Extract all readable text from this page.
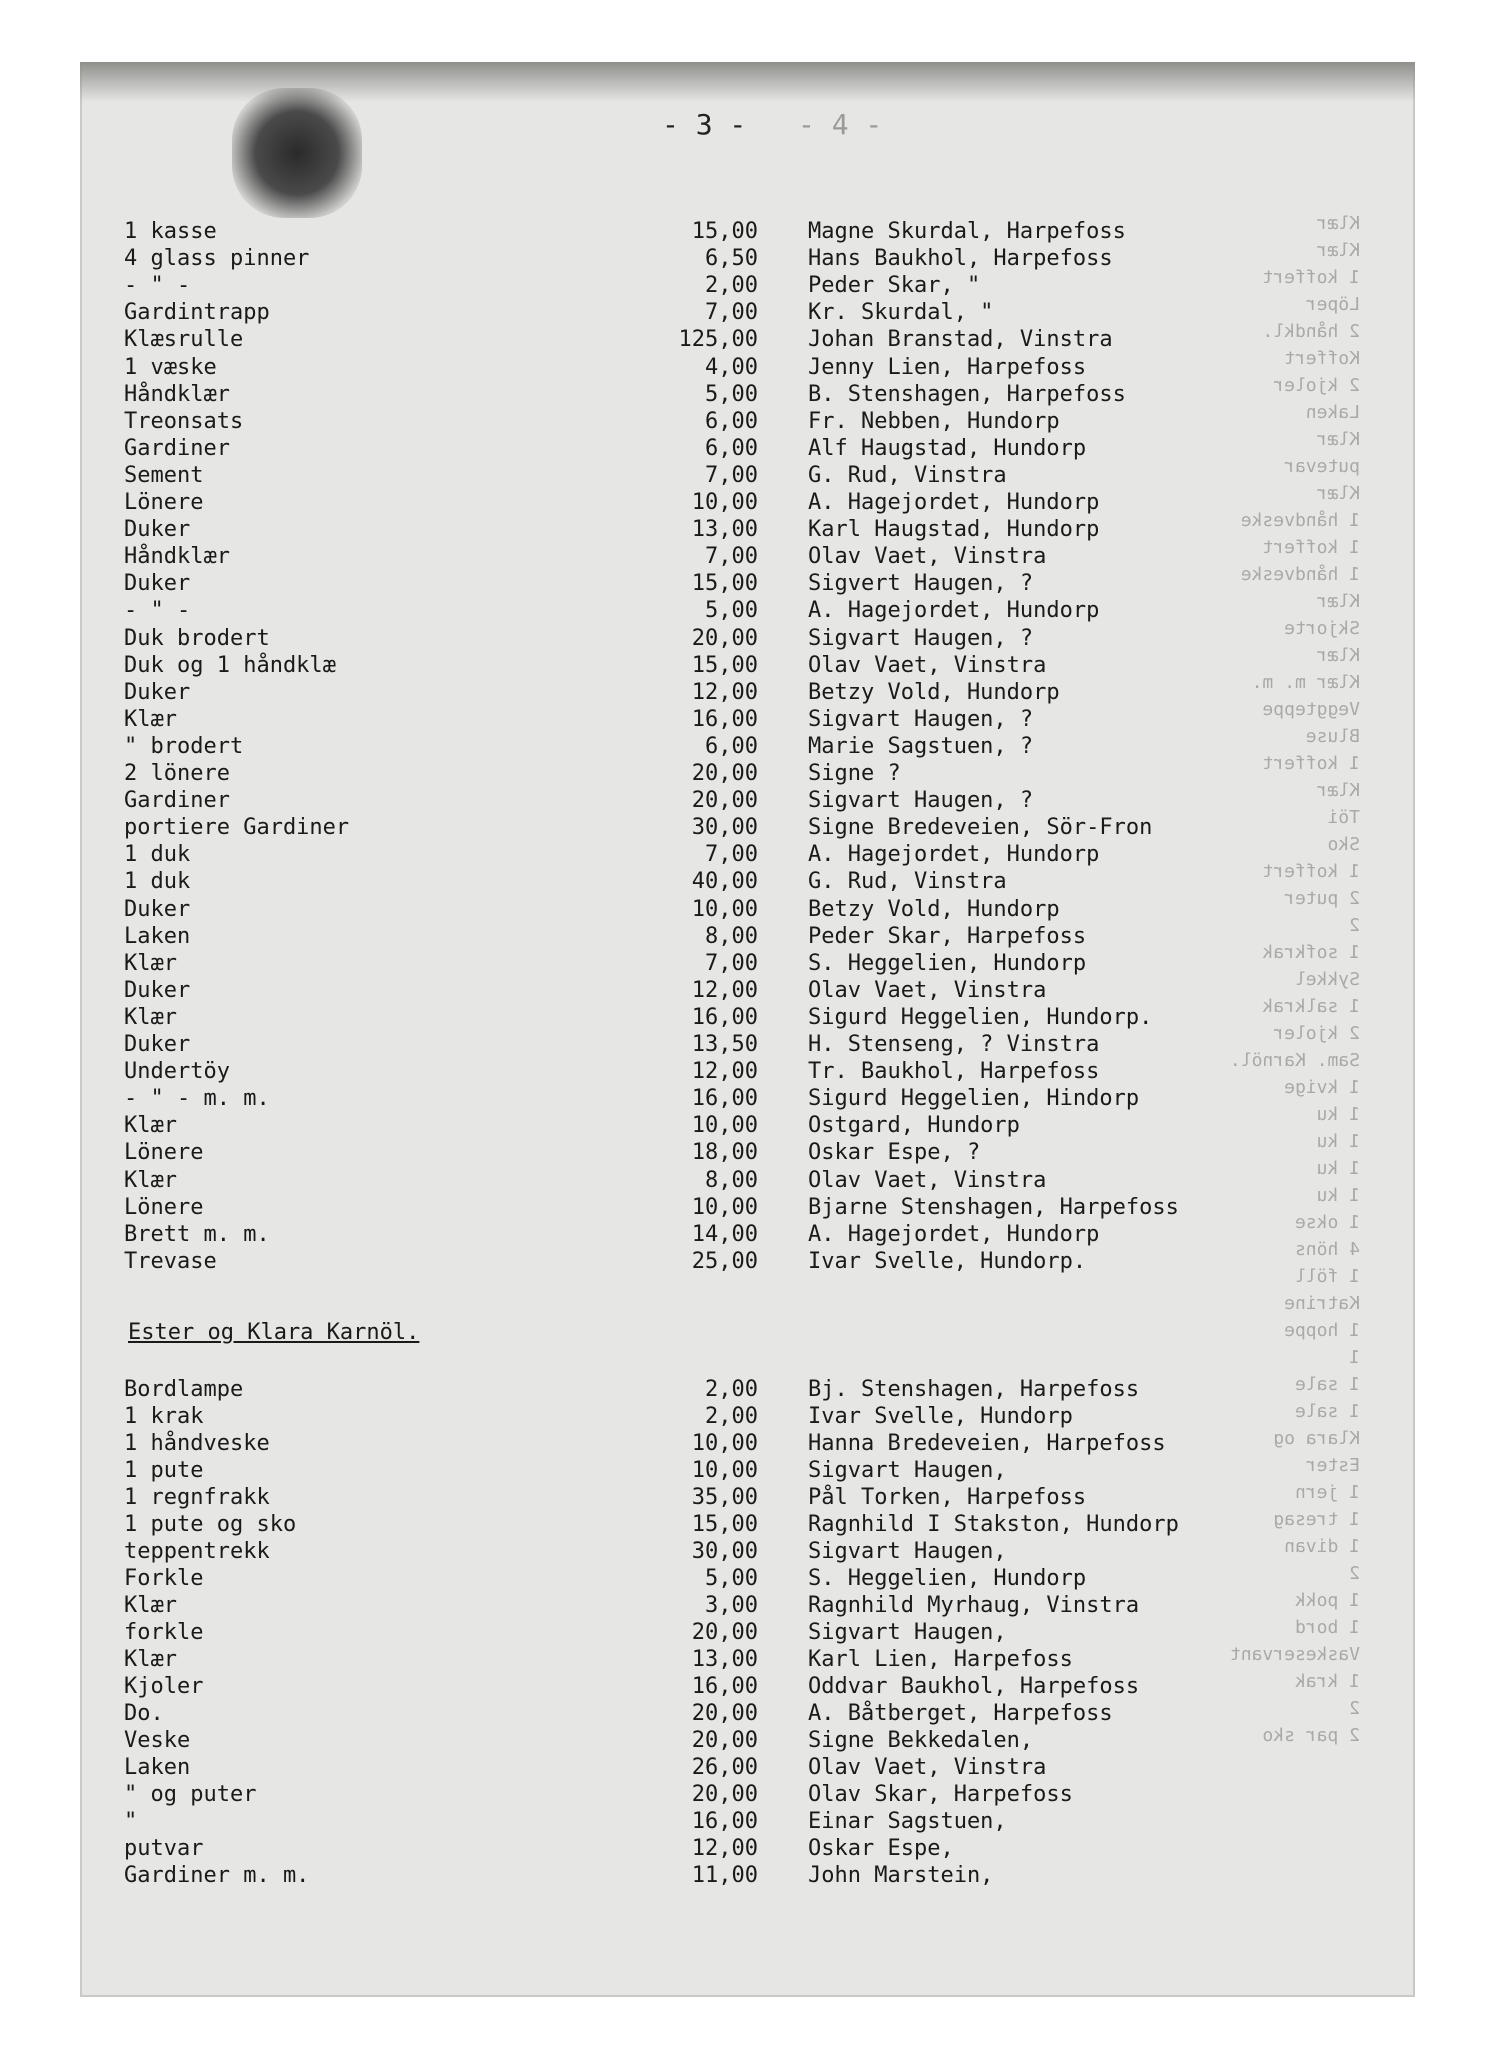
- 3 - - 4 -
Klær
Klær
1 koffert
Löper
2 håndkl.
Koffert
2 kjoler
Laken
Klær
putevar
Klær
1 håndveske
1 koffert
1 håndveske
Klær
Skjorte
Klær
Klær m. m.
Veggteppe
Bluse
1 koffert
Klær
Töi
Sko
1 koffert
2 puter
2
1 sofkrak
Sykkel
1 salkrak
2 kjoler
Sam. Karnöl.
1 kvige
1 ku
1 ku
1 ku
1 ku
1 okse
4 höns
1 föll
Katrine
1 hoppe
1
1 sale
1 sale
Klara og Ester
1 jern
1 tresag
1 divan
2
1 pokk
1 bord
Vaskeservant
1 krak
2
2 par sko
1 kasse	15,00 Magne Skurdal, Harpefoss
4 glass pinner	6,50 Hans Baukhol, Harpefoss
- " -	2,00 Peder Skar, "
Gardintrapp	7,00 Kr. Skurdal, "
Klæsrulle	125,00 Johan Branstad, Vinstra
1 væske	4,00 Jenny Lien, Harpefoss
Håndklær	5,00 B. Stenshagen, Harpefoss
Treonsats	6,00 Fr. Nebben, Hundorp
Gardiner	6,00 Alf Haugstad, Hundorp
Sement	7,00 G. Rud, Vinstra
Lönere	10,00 A. Hagejordet, Hundorp
Duker	13,00 Karl Haugstad, Hundorp
Håndklær	7,00 Olav Vaet, Vinstra
Duker	15,00 Sigvert Haugen, ?
- " -	5,00 A. Hagejordet, Hundorp
Duk brodert	20,00 Sigvart Haugen, ?
Duk og 1 håndklæ	15,00 Olav Vaet, Vinstra
Duker	12,00 Betzy Vold, Hundorp
Klær	16,00 Sigvart Haugen, ?
" brodert	6,00 Marie Sagstuen, ?
2 lönere	20,00 Signe ?
Gardiner	20,00 Sigvart Haugen, ?
portiere Gardiner	30,00 Signe Bredeveien, Sör-Fron
1 duk	7,00 A. Hagejordet, Hundorp
1 duk	40,00 G. Rud, Vinstra
Duker	10,00 Betzy Vold, Hundorp
Laken	8,00 Peder Skar, Harpefoss
Klær	7,00 S. Heggelien, Hundorp
Duker	12,00 Olav Vaet, Vinstra
Klær	16,00 Sigurd Heggelien, Hundorp.
Duker	13,50 H. Stenseng, ? Vinstra
Undertöy	12,00 Tr. Baukhol, Harpefoss
- " - m. m.	16,00 Sigurd Heggelien, Hindorp
Klær	10,00 Ostgard, Hundorp
Lönere	18,00 Oskar Espe, ?
Klær	8,00 Olav Vaet, Vinstra
Lönere	10,00 Bjarne Stenshagen, Harpefoss
Brett m. m.	14,00 A. Hagejordet, Hundorp
Trevase	25,00 Ivar Svelle, Hundorp.
Ester og Klara Karnöl.
Bordlampe	2,00 Bj. Stenshagen, Harpefoss
1 krak	2,00 Ivar Svelle, Hundorp
1 håndveske	10,00 Hanna Bredeveien, Harpefoss
1 pute	10,00 Sigvart Haugen,
1 regnfrakk	35,00 Pål Torken, Harpefoss
1 pute og sko	15,00 Ragnhild I Stakston, Hundorp
teppentrekk	30,00 Sigvart Haugen,
Forkle	5,00 S. Heggelien, Hundorp
Klær	3,00 Ragnhild Myrhaug, Vinstra
forkle	20,00 Sigvart Haugen,
Klær	13,00 Karl Lien, Harpefoss
Kjoler	16,00 Oddvar Baukhol, Harpefoss
Do.	20,00 A. Båtberget, Harpefoss
Veske	20,00 Signe Bekkedalen,
Laken	26,00 Olav Vaet, Vinstra
" og puter	20,00 Olav Skar, Harpefoss
"	16,00 Einar Sagstuen,
putvar	12,00 Oskar Espe,
Gardiner m. m.	11,00 John Marstein,
